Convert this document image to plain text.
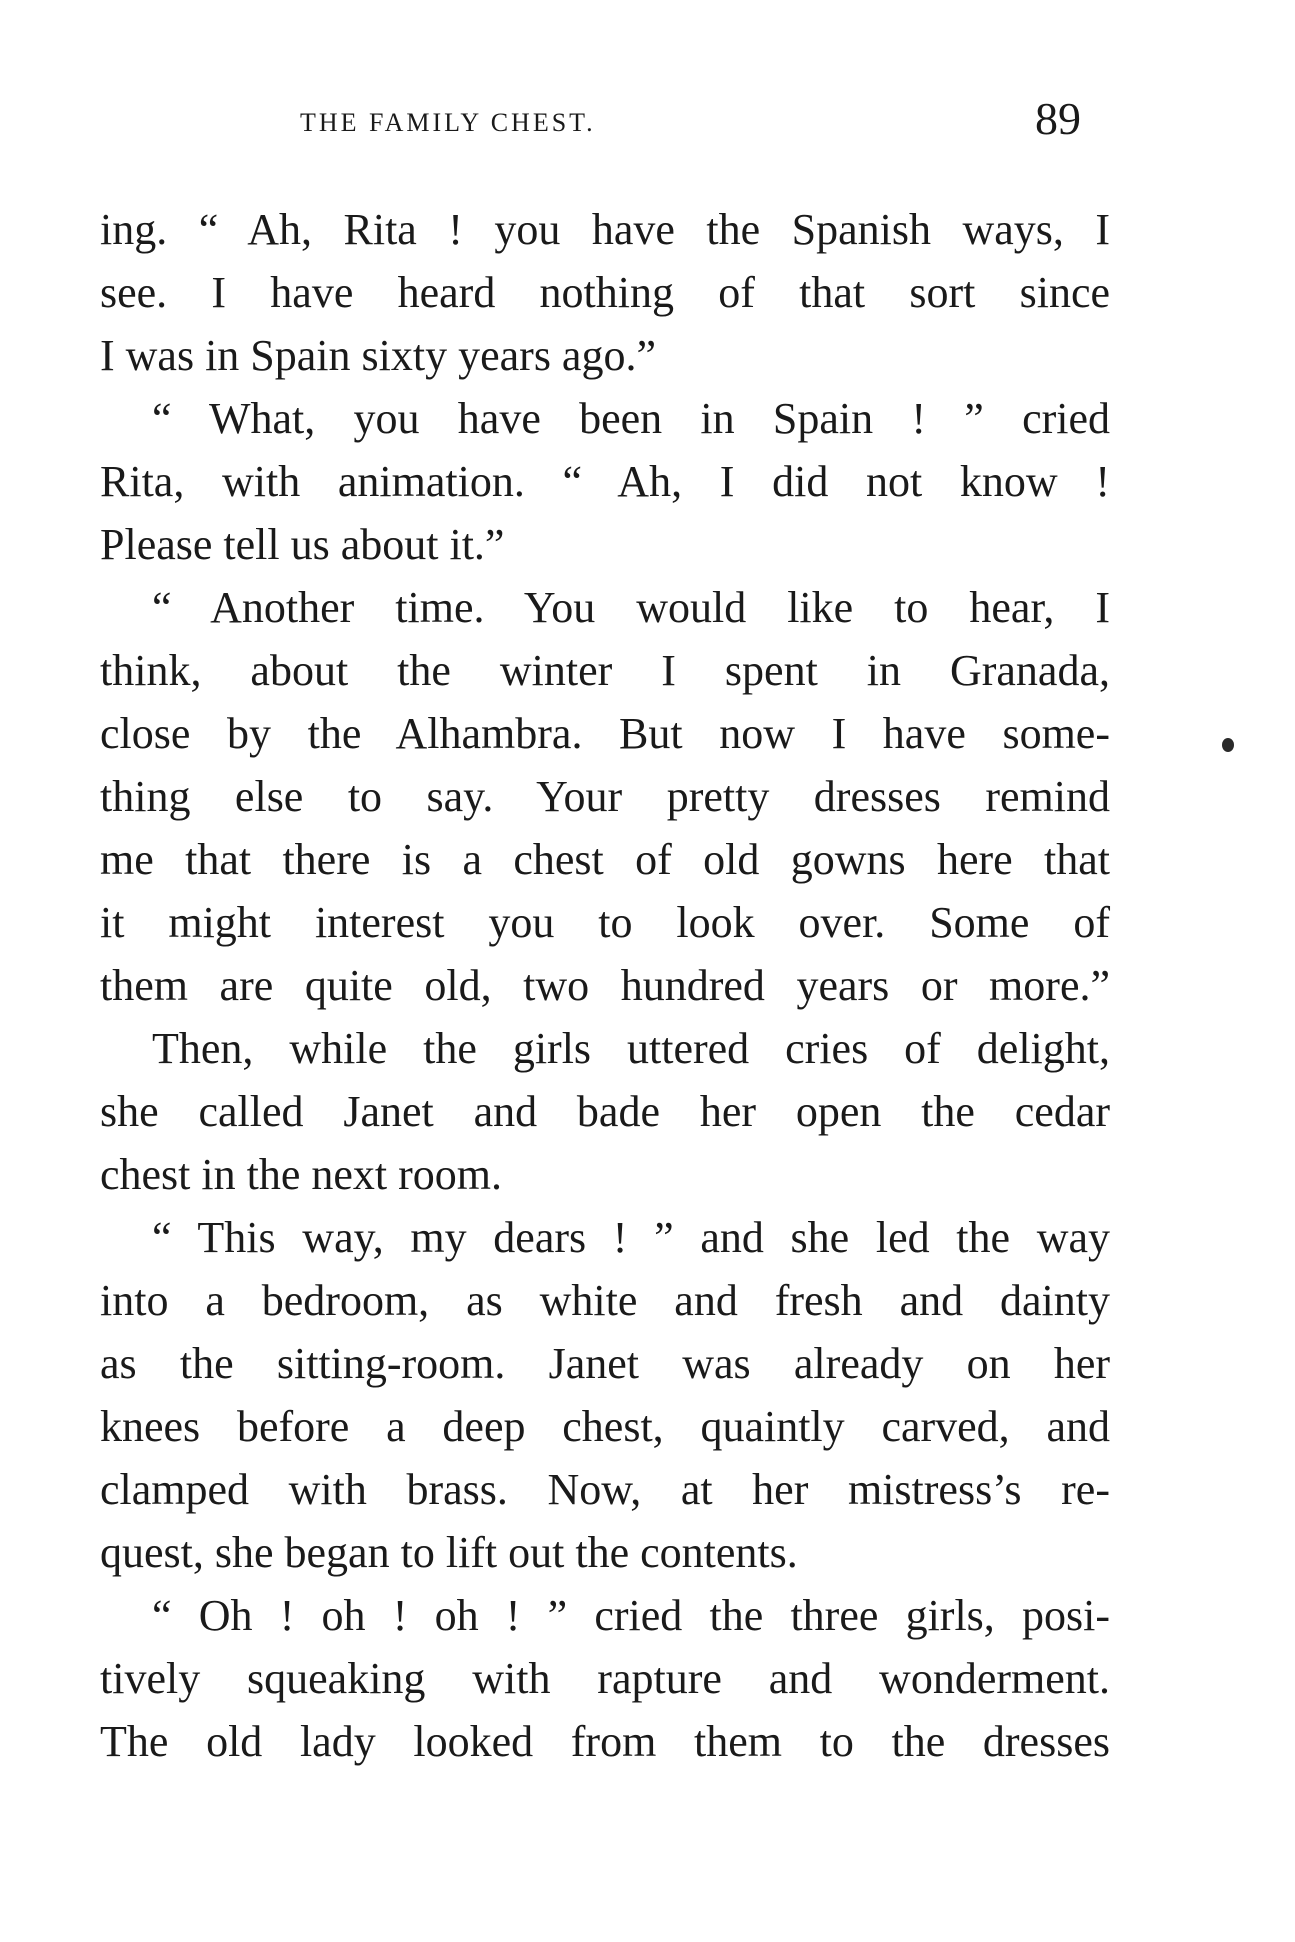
THE FAMILY CHEST.	89
ing. “ Ah, Rita ! you have the Spanish ways, I
see. I have heard nothing of that sort since
I was in Spain sixty years ago.”
“ What, you have been in Spain ! ” cried
Rita, with animation. “ Ah, I did not know !
Please tell us about it.”
“ Another time. You would like to hear, I
think, about the winter I spent in Granada,
close by the Alhambra. But now I have some-
thing else to say. Your pretty dresses remind
me that there is a chest of old gowns here that
it might interest you to look over. Some of
them are quite old, two hundred years or more.”
Then, while the girls uttered cries of delight,
she called Janet and bade her open the cedar
chest in the next room.
“ This way, my dears ! ” and she led the way
into a bedroom, as white and fresh and dainty
as the sitting-room. Janet was already on her
knees before a deep chest, quaintly carved, and
clamped with brass. Now, at her mistress’s re-
quest, she began to lift out the contents.
“ Oh ! oh ! oh ! ” cried the three girls, posi-
tively squeaking with rapture and wonderment.
The old lady looked from them to the dresses
